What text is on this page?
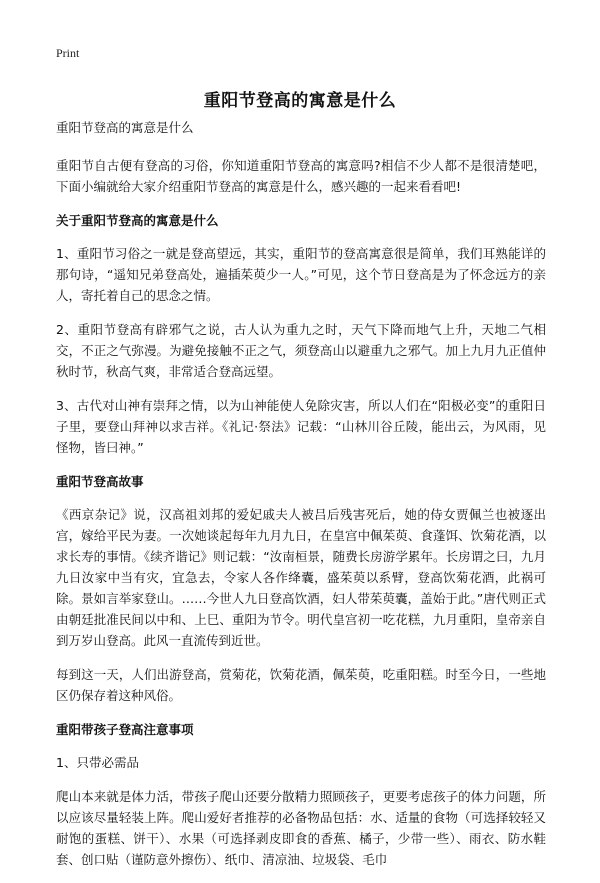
Print
重阳节登高的寓意是什么

重阳节登高的寓意是什么

重阳节自古便有登高的习俗，你知道重阳节登高的寓意吗?相信不少人都不是很清楚吧，下面小编就给大家介绍重阳节登高的寓意是什么，感兴趣的一起来看看吧!

关于重阳节登高的寓意是什么

1、重阳节习俗之一就是登高望远，其实，重阳节的登高寓意很是简单，我们耳熟能详的那句诗，“遥知兄弟登高处，遍插茱萸少一人。”可见，这个节日登高是为了怀念远方的亲人，寄托着自己的思念之情。

2、重阳节登高有辟邪气之说，古人认为重九之时，天气下降而地气上升，天地二气相交，不正之气弥漫。为避免接触不正之气，须登高山以避重九之邪气。加上九月九正值仲秋时节，秋高气爽，非常适合登高远望。

3、古代对山神有崇拜之情，以为山神能使人免除灾害，所以人们在“阳极必变”的重阳日子里，要登山拜神以求吉祥。《礼记·祭法》记载：“山林川谷丘陵，能出云，为风雨，见怪物，皆曰神。”

重阳节登高故事

《西京杂记》说，汉高祖刘邦的爱妃戚夫人被吕后残害死后，她的侍女贾佩兰也被逐出宫，嫁给平民为妻。一次她谈起每年九月九日，在皇宫中佩茱萸、食蓬饵、饮菊花酒，以求长寿的事情。《续齐谐记》则记载：“汝南桓景，随费长房游学累年。长房谓之曰，九月九日汝家中当有灾，宜急去，令家人各作绛囊，盛茱萸以系臂，登高饮菊花酒，此祸可除。景如言举家登山。……今世人九日登高饮酒，妇人带茱萸囊，盖始于此。”唐代则正式由朝廷批准民间以中和、上巳、重阳为节令。明代皇宫初一吃花糕，九月重阳，皇帝亲自到万岁山登高。此风一直流传到近世。

每到这一天，人们出游登高，赏菊花，饮菊花酒，佩茱萸，吃重阳糕。时至今日，一些地区仍保存着这种风俗。

重阳带孩子登高注意事项

1、只带必需品

爬山本来就是体力活，带孩子爬山还要分散精力照顾孩子，更要考虑孩子的体力问题，所以应该尽量轻装上阵。爬山爱好者推荐的必备物品包括：水、适量的食物（可选择较轻又耐饱的蛋糕、饼干）、水果（可选择剥皮即食的香蕉、橘子，少带一些）、雨衣、防水鞋套、创口贴（谨防意外擦伤）、纸巾、清凉油、垃圾袋、毛巾
